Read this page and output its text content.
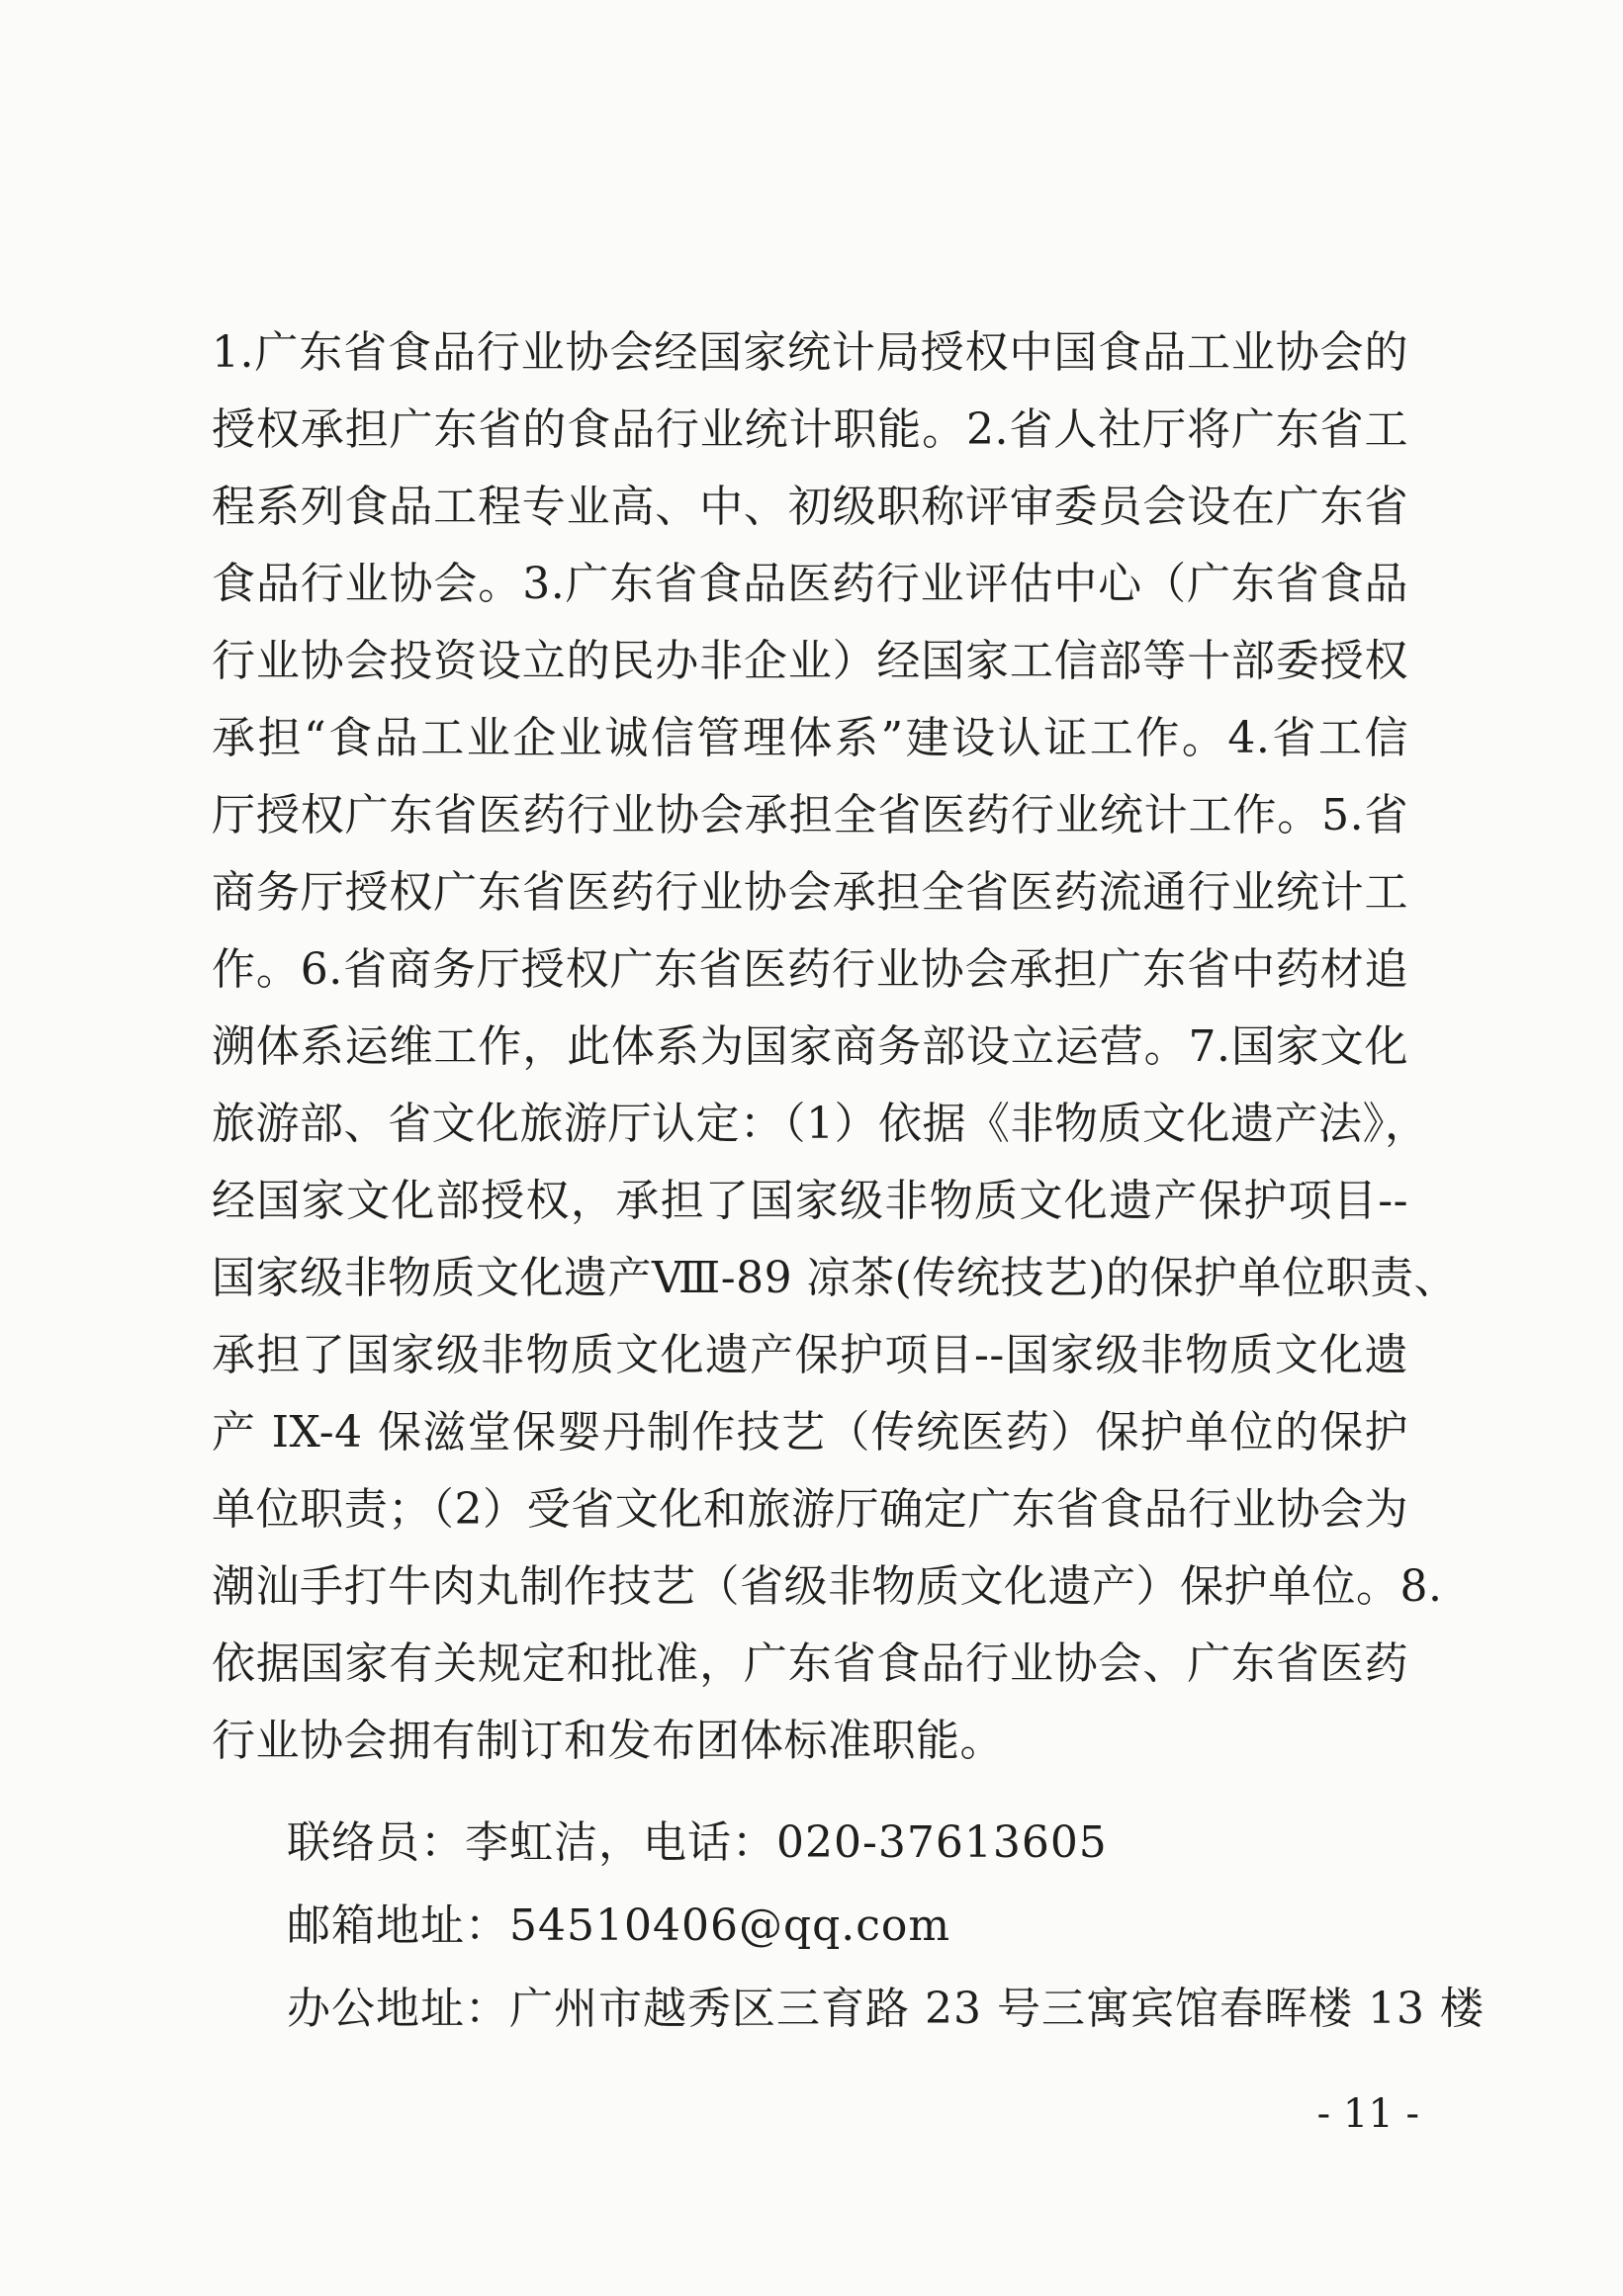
1.广东省食品行业协会经国家统计局授权中国食品工业协会的
授权承担广东省的食品行业统计职能。2.省人社厅将广东省工
程系列食品工程专业高、中、初级职称评审委员会设在广东省
食品行业协会。3.广东省食品医药行业评估中心（广东省食品
行业协会投资设立的民办非企业）经国家工信部等十部委授权
承担“食品工业企业诚信管理体系”建设认证工作。4.省工信
厅授权广东省医药行业协会承担全省医药行业统计工作。5.省
商务厅授权广东省医药行业协会承担全省医药流通行业统计工
作。6.省商务厅授权广东省医药行业协会承担广东省中药材追
溯体系运维工作，此体系为国家商务部设立运营。7.国家文化
旅游部、省文化旅游厅认定：（1）依据《非物质文化遗产法》，
经国家文化部授权，承担了国家级非物质文化遗产保护项目--
国家级非物质文化遗产Ⅷ-89 凉茶(传统技艺)的保护单位职责、
承担了国家级非物质文化遗产保护项目--国家级非物质文化遗
产 IX-4 保滋堂保婴丹制作技艺（传统医药）保护单位的保护
单位职责；（2）受省文化和旅游厅确定广东省食品行业协会为
潮汕手打牛肉丸制作技艺（省级非物质文化遗产）保护单位。8.
依据国家有关规定和批准，广东省食品行业协会、广东省医药
行业协会拥有制订和发布团体标准职能。
联络员：李虹洁，电话：020-37613605
邮箱地址：54510406@qq.com
办公地址：广州市越秀区三育路 23 号三寓宾馆春晖楼 13 楼
- 11 -
